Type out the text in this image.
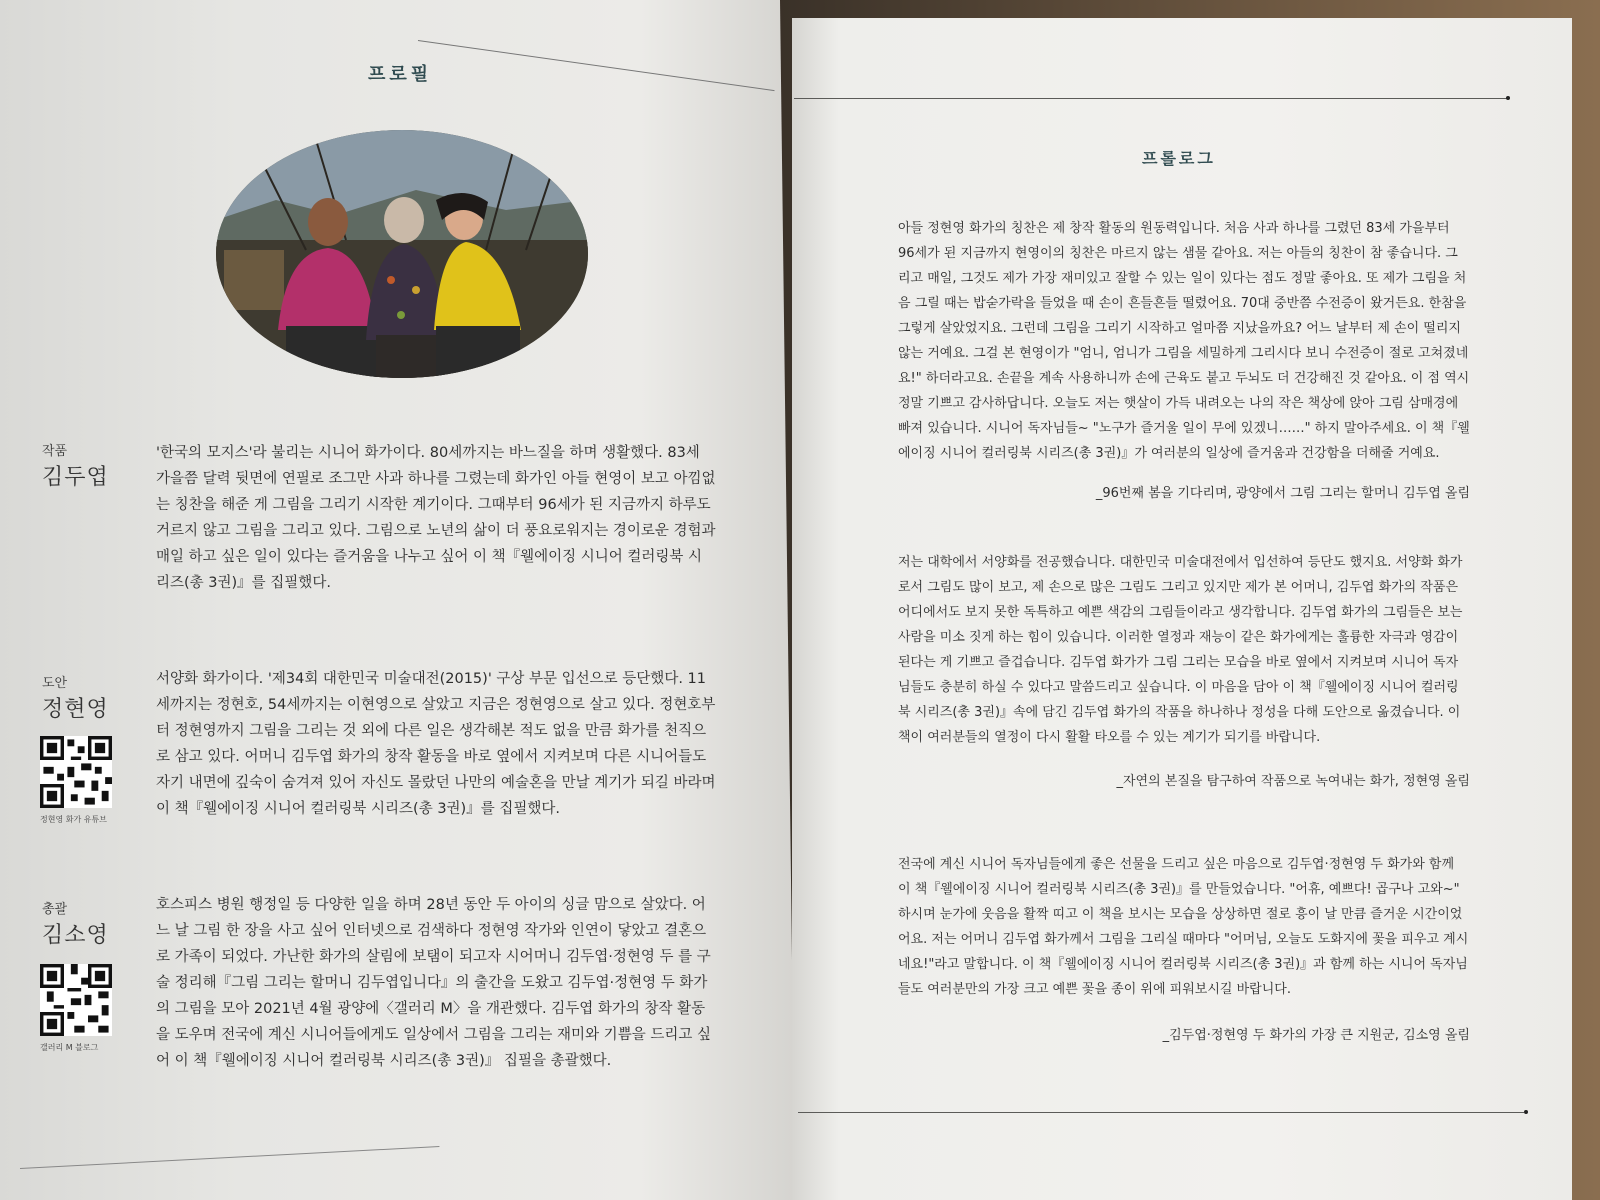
프로필
작품
김두엽

'한국의 모지스'라 불리는 시니어 화가이다. 80세까지는 바느질을 하며 생활했다. 83세 가을쯤 달력 뒷면에 연필로 조그만 사과 하나를 그렸는데 화가인 아들 현영이 보고 아낌없는 칭찬을 해준 게 그림을 그리기 시작한 계기이다. 그때부터 96세가 된 지금까지 하루도 거르지 않고 그림을 그리고 있다. 그림으로 노년의 삶이 더 풍요로워지는 경이로운 경험과 매일 하고 싶은 일이 있다는 즐거움을 나누고 싶어 이 책『웰에이징 시니어 컬러링북 시리즈(총 3권)』를 집필했다.

도안
정현영
정현영 화가 유튜브

서양화 화가이다. '제34회 대한민국 미술대전(2015)' 구상 부문 입선으로 등단했다. 11세까지는 정현호, 54세까지는 이현영으로 살았고 지금은 정현영으로 살고 있다. 정현호부터 정현영까지 그림을 그리는 것 외에 다른 일은 생각해본 적도 없을 만큼 화가를 천직으로 삼고 있다. 어머니 김두엽 화가의 창작 활동을 바로 옆에서 지켜보며 다른 시니어들도 자기 내면에 깊숙이 숨겨져 있어 자신도 몰랐던 나만의 예술혼을 만날 계기가 되길 바라며 이 책『웰에이징 시니어 컬러링북 시리즈(총 3권)』를 집필했다.

총괄
김소영
갤러리 M 블로그

호스피스 병원 행정일 등 다양한 일을 하며 28년 동안 두 아이의 싱글 맘으로 살았다. 어느 날 그림 한 장을 사고 싶어 인터넷으로 검색하다 정현영 작가와 인연이 닿았고 결혼으로 가족이 되었다. 가난한 화가의 살림에 보탬이 되고자 시어머니 김두엽·정현영 두 를 구술 정리해『그림 그리는 할머니 김두엽입니다』의 출간을 도왔고 김두엽·정현영 두 화가의 그림을 모아 2021년 4월 광양에〈갤러리 M〉을 개관했다. 김두엽 화가의 창작 활동을 도우며 전국에 계신 시니어들에게도 일상에서 그림을 그리는 재미와 기쁨을 드리고 싶어 이 책『웰에이징 시니어 컬러링북 시리즈(총 3권)』 집필을 총괄했다.

프롤로그

아들 정현영 화가의 칭찬은 제 창작 활동의 원동력입니다. 처음 사과 하나를 그렸던 83세 가을부터 96세가 된 지금까지 현영이의 칭찬은 마르지 않는 샘물 같아요. 저는 아들의 칭찬이 참 좋습니다. 그리고 매일, 그것도 제가 가장 재미있고 잘할 수 있는 일이 있다는 점도 정말 좋아요. 또 제가 그림을 처음 그릴 때는 밥숟가락을 들었을 때 손이 흔들흔들 떨렸어요. 70대 중반쯤 수전증이 왔거든요. 한참을 그렇게 살았었지요. 그런데 그림을 그리기 시작하고 얼마쯤 지났을까요? 어느 날부터 제 손이 떨리지 않는 거예요. 그걸 본 현영이가 "엄니, 엄니가 그림을 세밀하게 그리시다 보니 수전증이 절로 고쳐졌네요!" 하더라고요. 손끝을 계속 사용하니까 손에 근육도 붙고 두뇌도 더 건강해진 것 같아요. 이 점 역시 정말 기쁘고 감사하답니다. 오늘도 저는 햇살이 가득 내려오는 나의 작은 책상에 앉아 그림 삼매경에 빠져 있습니다. 시니어 독자님들~ "노구가 즐거울 일이 무에 있겠니……" 하지 말아주세요. 이 책『웰에이징 시니어 컬러링북 시리즈(총 3권)』가 여러분의 일상에 즐거움과 건강함을 더해줄 거예요.

_96번째 봄을 기다리며, 광양에서 그림 그리는 할머니 김두엽 올림

저는 대학에서 서양화를 전공했습니다. 대한민국 미술대전에서 입선하여 등단도 했지요. 서양화 화가로서 그림도 많이 보고, 제 손으로 많은 그림도 그리고 있지만 제가 본 어머니, 김두엽 화가의 작품은 어디에서도 보지 못한 독특하고 예쁜 색감의 그림들이라고 생각합니다. 김두엽 화가의 그림들은 보는 사람을 미소 짓게 하는 힘이 있습니다. 이러한 열정과 재능이 같은 화가에게는 훌륭한 자극과 영감이 된다는 게 기쁘고 즐겁습니다. 김두엽 화가가 그림 그리는 모습을 바로 옆에서 지켜보며 시니어 독자님들도 충분히 하실 수 있다고 말씀드리고 싶습니다. 이 마음을 담아 이 책『웰에이징 시니어 컬러링북 시리즈(총 3권)』속에 담긴 김두엽 화가의 작품을 하나하나 정성을 다해 도안으로 옮겼습니다. 이 책이 여러분들의 열정이 다시 활활 타오를 수 있는 계기가 되기를 바랍니다.

_자연의 본질을 탐구하여 작품으로 녹여내는 화가, 정현영 올림

전국에 계신 시니어 독자님들에게 좋은 선물을 드리고 싶은 마음으로 김두엽·정현영 두 화가와 함께 이 책『웰에이징 시니어 컬러링북 시리즈(총 3권)』를 만들었습니다. "어휴, 예쁘다! 곱구나 고와~" 하시며 눈가에 웃음을 활짝 띠고 이 책을 보시는 모습을 상상하면 절로 흥이 날 만큼 즐거운 시간이었어요. 저는 어머니 김두엽 화가께서 그림을 그리실 때마다 "어머님, 오늘도 도화지에 꽃을 피우고 계시네요!"라고 말합니다. 이 책『웰에이징 시니어 컬러링북 시리즈(총 3권)』과 함께 하는 시니어 독자님들도 여러분만의 가장 크고 예쁜 꽃을 종이 위에 피워보시길 바랍니다.

_김두엽·정현영 두 화가의 가장 큰 지원군, 김소영 올림
